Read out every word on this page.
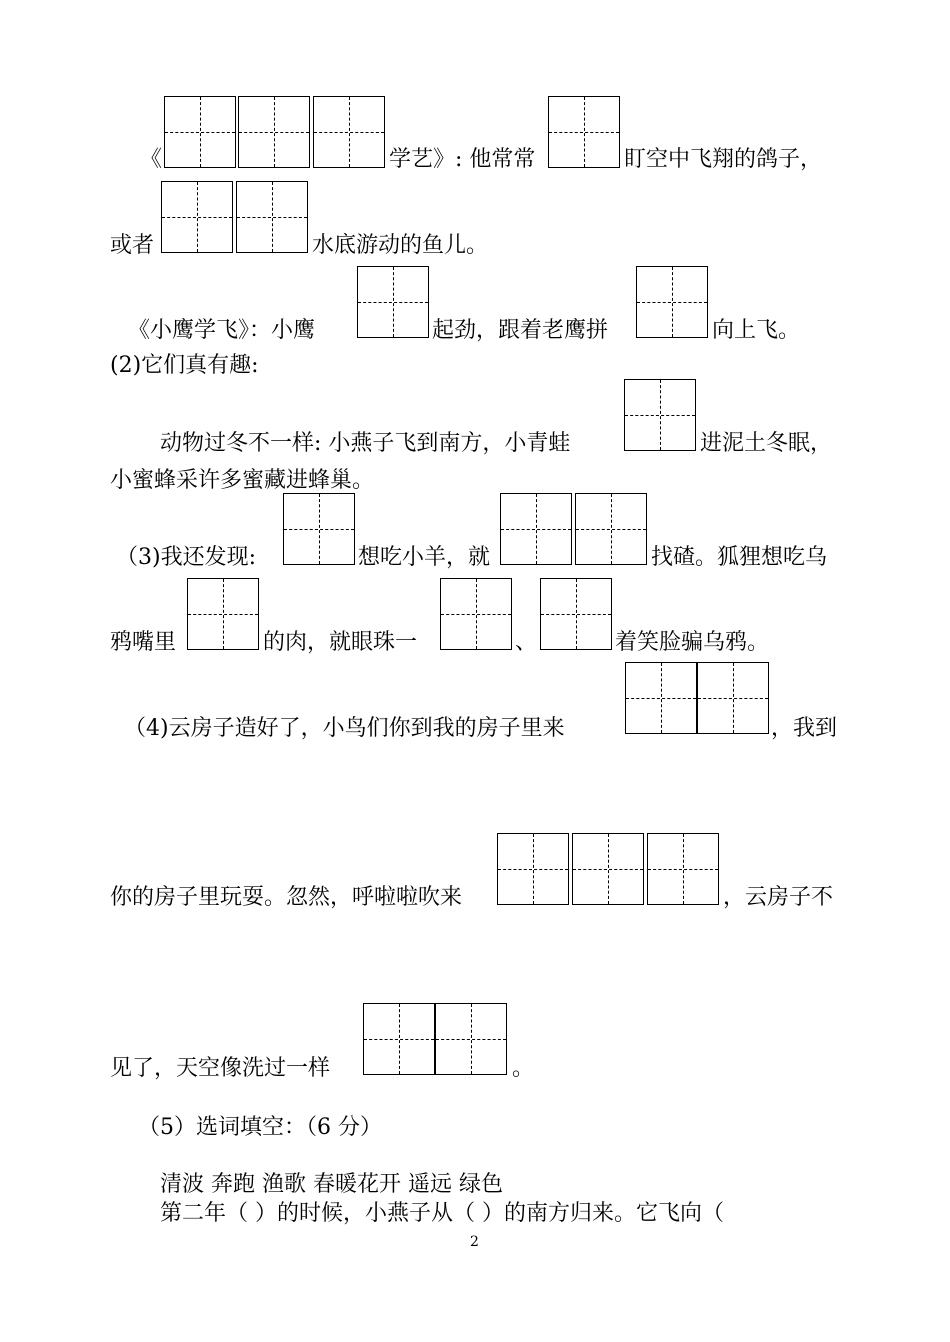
《	学艺》: 他常常	盯空中飞翔的鸽子，
或者	水底游动的鱼儿。
《小鹰学飞》：小鹰	起劲，跟着老鹰拼	向上飞。
(2)它们真有趣:
动物过冬不一样: 小燕子飞到南方，小青蛙	进泥土冬眠，
小蜜蜂采许多蜜藏进蜂巢。
（3)我还发现:	想吃小羊，就	找碴。狐狸想吃乌
鸦嘴里	的肉，就眼珠一	、	着笑脸骗乌鸦。
（4)云房子造好了，小鸟们你到我的房子里来	，我到
你的房子里玩耍。忽然，呼啦啦吹来	，云房子不
见了，天空像洗过一样	。
（5）选词填空：（6 分）
清波 奔跑 渔歌 春暖花开 遥远 绿色
第二年（ ）的时候，小燕子从（ ）的南方归来。它飞向（
2
